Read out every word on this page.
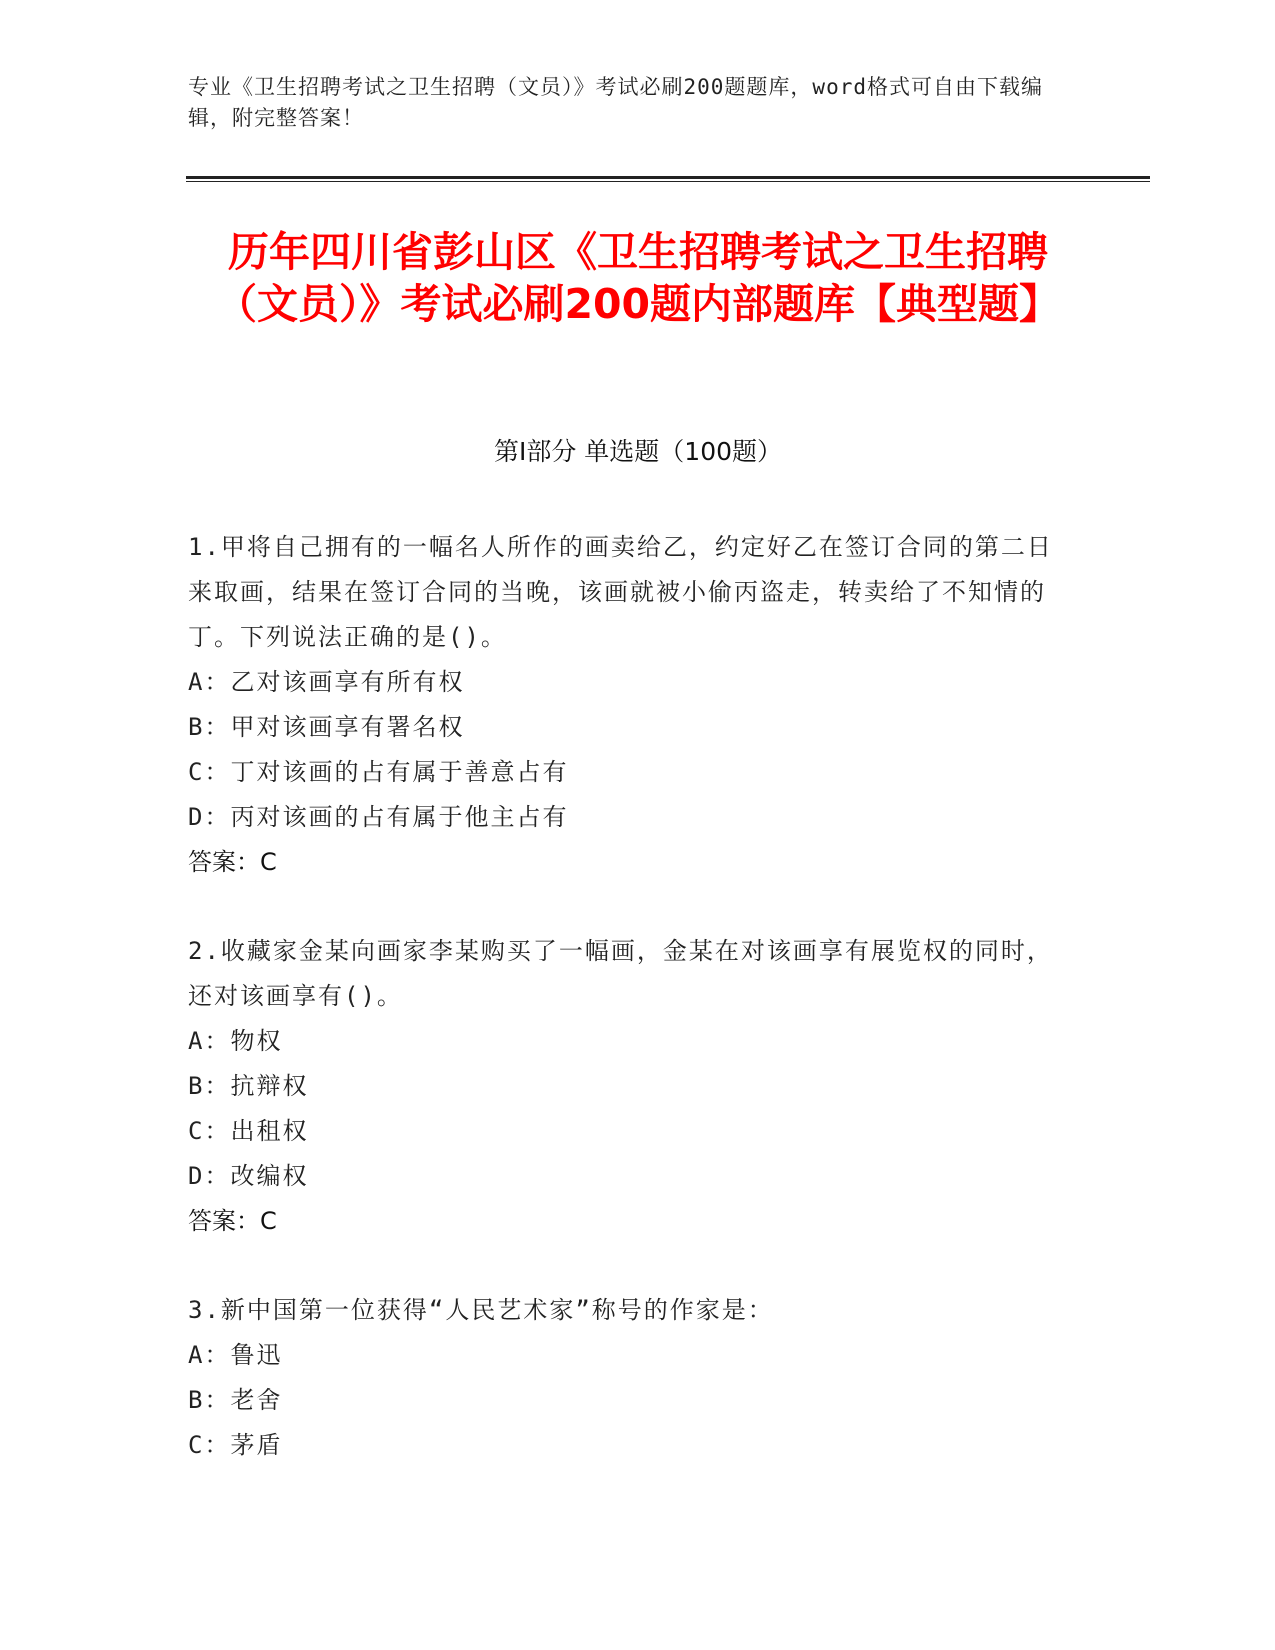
专业《卫生招聘考试之卫生招聘（文员）》考试必刷200题题库，word格式可自由下载编辑，附完整答案！
历年四川省彭山区《卫生招聘考试之卫生招聘（文员）》考试必刷200题内部题库【典型题】
第Ⅰ部分 单选题（100题）
1.甲将自己拥有的一幅名人所作的画卖给乙，约定好乙在签订合同的第二日来取画，结果在签订合同的当晚，该画就被小偷丙盗走，转卖给了不知情的丁。下列说法正确的是()。
A：乙对该画享有所有权
B：甲对该画享有署名权
C：丁对该画的占有属于善意占有
D：丙对该画的占有属于他主占有
答案：C
2.收藏家金某向画家李某购买了一幅画，金某在对该画享有展览权的同时，还对该画享有()。
A：物权
B：抗辩权
C：出租权
D：改编权
答案：C
3.新中国第一位获得“人民艺术家”称号的作家是：
A：鲁迅
B：老舍
C：茅盾
